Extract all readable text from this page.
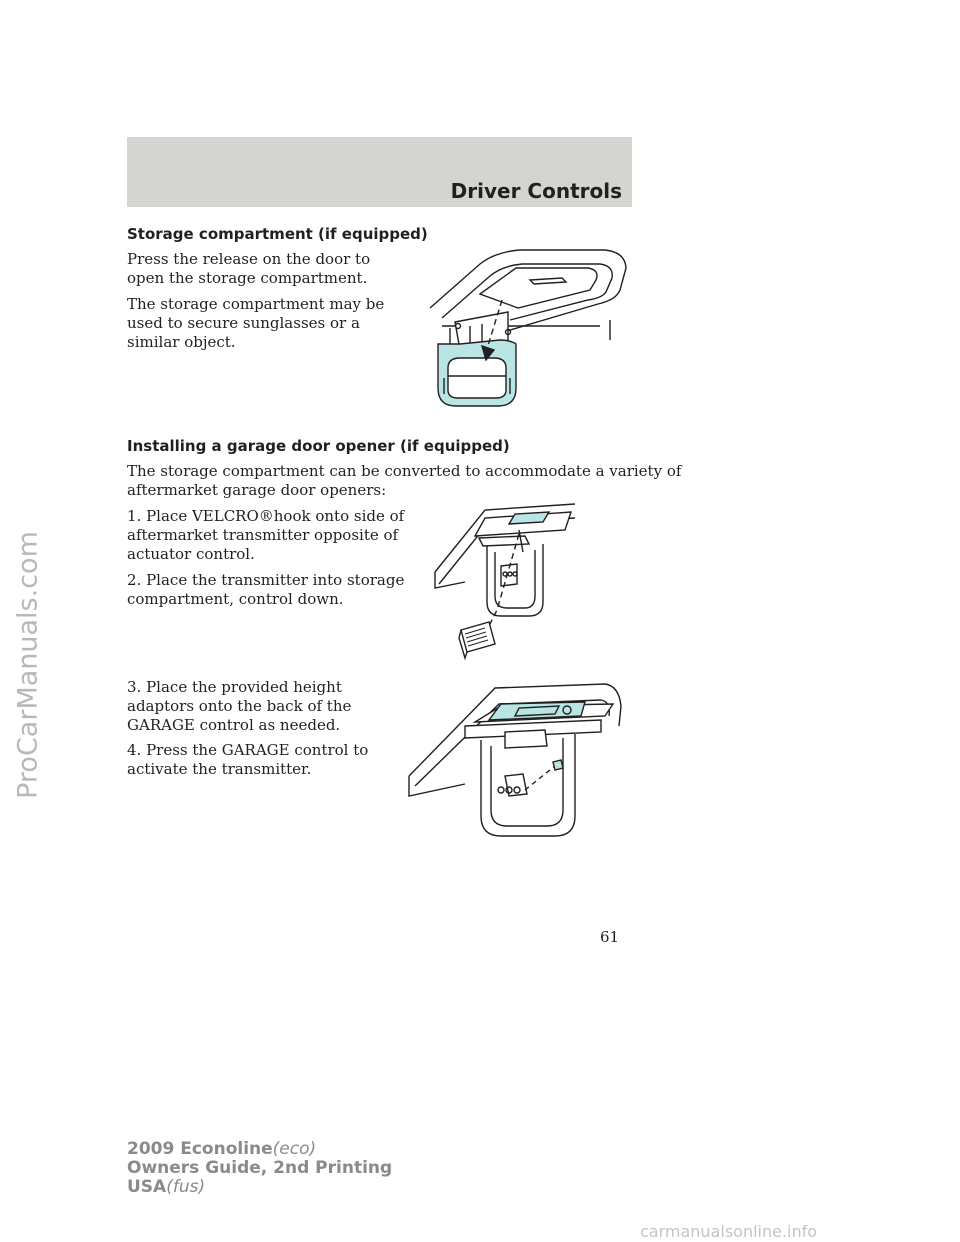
Driver Controls
Storage compartment (if equipped)
Press the release on the door to
open the storage compartment.
The storage compartment may be
used to secure sunglasses or a
similar object.
Installing a garage door opener (if equipped)
The storage compartment can be converted to accommodate a variety of
aftermarket garage door openers:
1. Place VELCRO®hook onto side of
aftermarket transmitter opposite of
actuator control.
2. Place the transmitter into storage
compartment, control down.
3. Place the provided height
adaptors onto the back of the
GARAGE control as needed.
4. Press the GARAGE control to
activate the transmitter.
61
2009 Econoline(eco)
Owners Guide, 2nd Printing
USA(fus)
ProCarManuals.com
carmanualsonline.info
